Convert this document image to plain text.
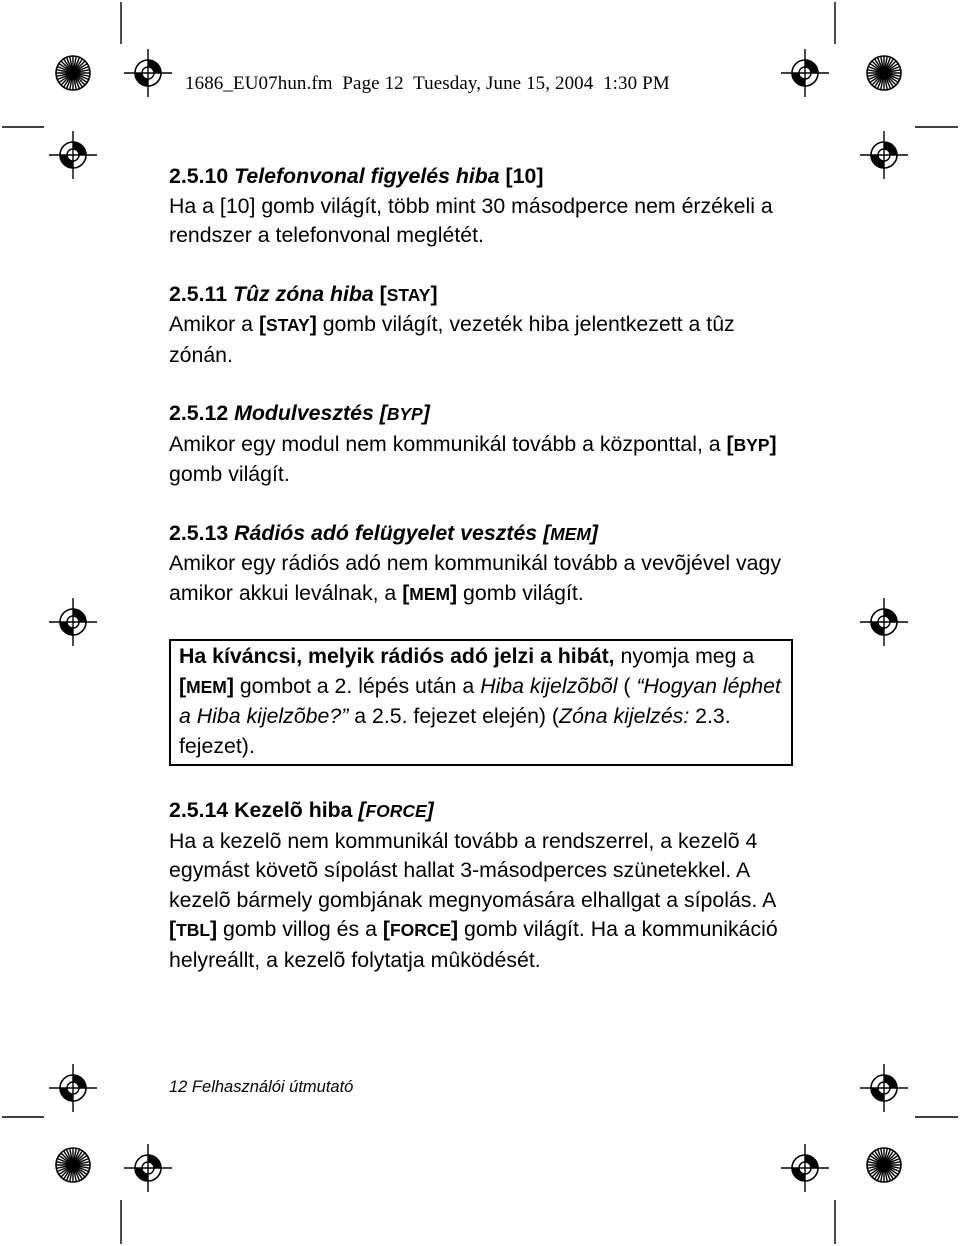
1686_EU07hun.fm  Page 12  Tuesday, June 15, 2004  1:30 PM

2.5.10 Telefonvonal figyelés hiba [10]

Ha a [10] gomb világít, több mint 30 másodperce nem érzékeli a rendszer a telefonvonal meglétét.

2.5.11 Tûz zóna hiba [STAY]

Amikor a [STAY] gomb világít, vezeték hiba jelentkezett a tûz zónán.

2.5.12 Modulvesztés [BYP]

Amikor egy modul nem kommunikál tovább a központtal, a [BYP] gomb világít.

2.5.13 Rádiós adó felügyelet vesztés [MEM]

Amikor egy rádiós adó nem kommunikál tovább a vevõjével vagy amikor akkui leválnak, a [MEM] gomb világít.

Ha kíváncsi, melyik rádiós adó jelzi a hibát, nyomja meg a [MEM] gombot a 2. lépés után a Hiba kijelzõbõl ( “Hogyan léphet a Hiba kijelzõbe?” a 2.5. fejezet elején) (Zóna kijelzés: 2.3. fejezet).

2.5.14 Kezelõ hiba [FORCE]

Ha a kezelõ nem kommunikál tovább a rendszerrel, a kezelõ 4 egymást követõ sípolást hallat 3-másodperces szünetekkel. A kezelõ bármely gombjának megnyomására elhallgat a sípolás. A [TBL] gomb villog és a [FORCE] gomb világít. Ha a kommunikáció helyreállt, a kezelõ folytatja mûködését.

12 Felhasználói útmutató
